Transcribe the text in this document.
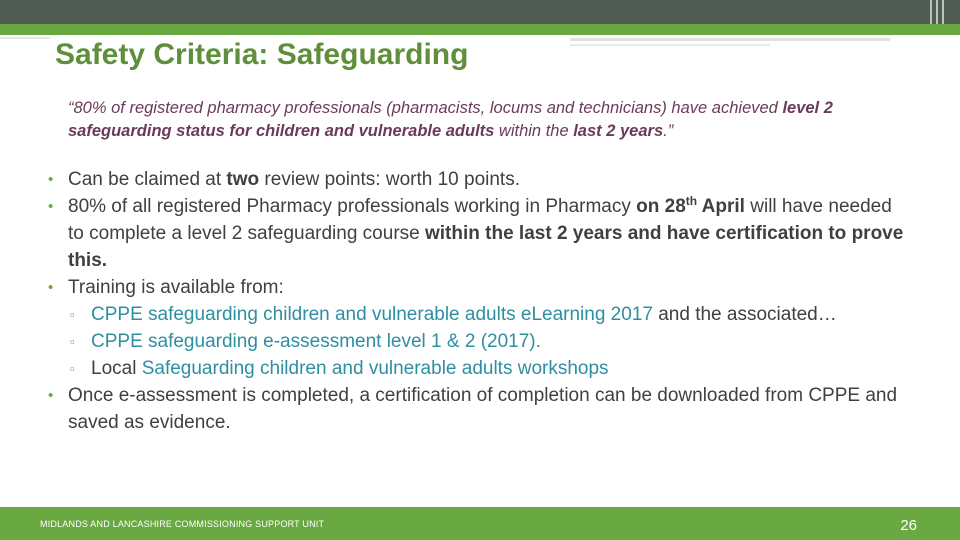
Safety Criteria: Safeguarding
“80% of registered pharmacy professionals (pharmacists, locums and technicians) have achieved level 2 safeguarding status for children and vulnerable adults within the last 2 years.”
• Can be claimed at two review points: worth 10 points.
• 80% of all registered Pharmacy professionals working in Pharmacy on 28th April will have needed to complete a level 2 safeguarding course within the last 2 years and have certification to prove this.
• Training is available from:
▫ CPPE safeguarding children and vulnerable adults eLearning 2017 and the associated…
▫ CPPE safeguarding e-assessment level 1 & 2 (2017).
▫ Local Safeguarding children and vulnerable adults workshops
• Once e-assessment is completed, a certification of completion can be downloaded from CPPE and saved as evidence.
MIDLANDS AND LANCASHIRE COMMISSIONING SUPPORT UNIT	26
